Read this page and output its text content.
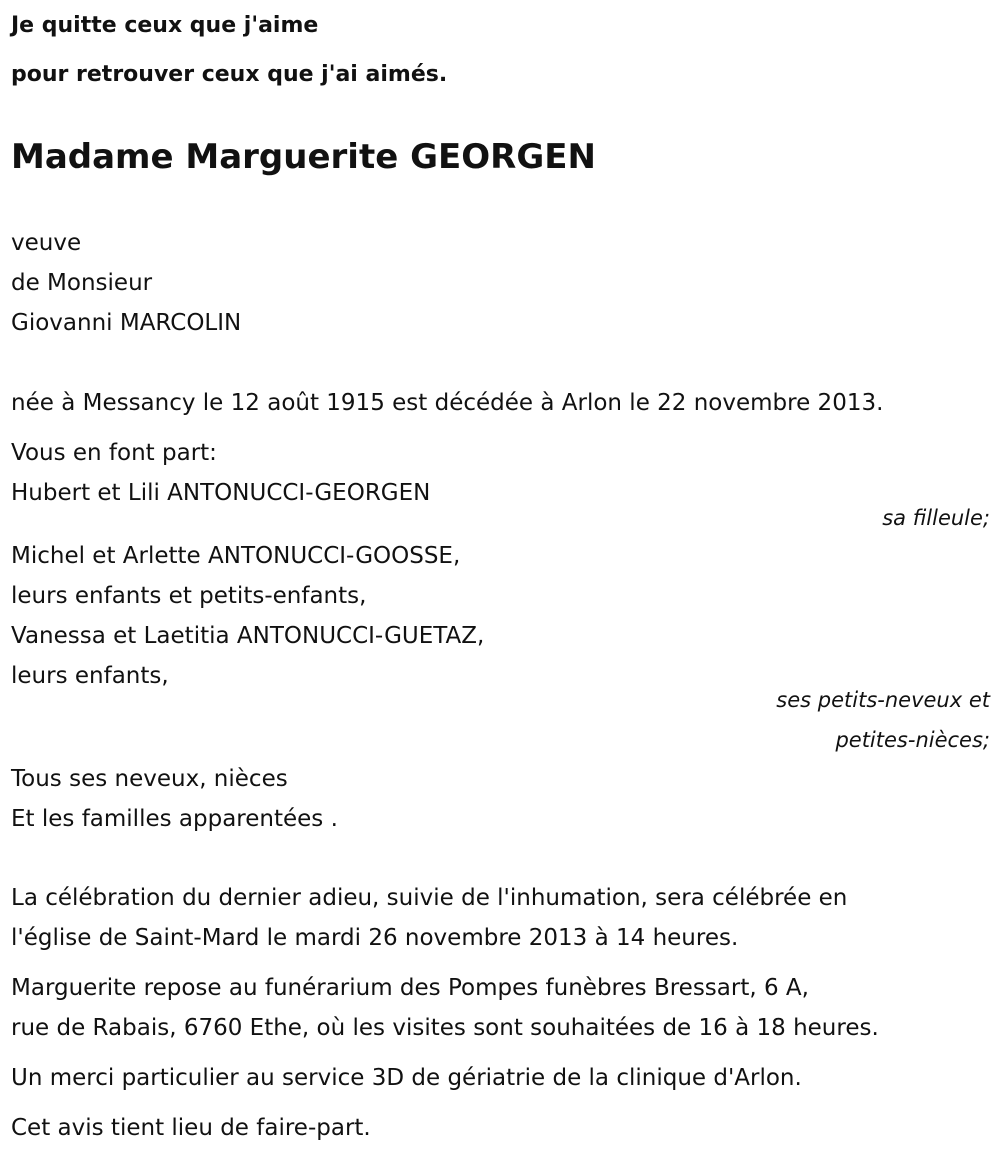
Je quitte ceux que j'aime
pour retrouver ceux que j'ai aimés.
Madame Marguerite GEORGEN
veuve
de Monsieur
Giovanni MARCOLIN
née à Messancy le 12 août 1915 est décédée à Arlon le 22 novembre 2013.
Vous en font part:
Hubert et Lili ANTONUCCI-GEORGEN
sa filleule;
Michel et Arlette ANTONUCCI-GOOSSE,
leurs enfants et petits-enfants,
Vanessa et Laetitia ANTONUCCI-GUETAZ,
leurs enfants,
ses petits-neveux et
petites-nièces;
Tous ses neveux, nièces
Et les familles apparentées .
La célébration du dernier adieu, suivie de l'inhumation, sera célébrée en
l'église de Saint-Mard le mardi 26 novembre 2013 à 14 heures.
Marguerite repose au funérarium des Pompes funèbres Bressart, 6 A,
rue de Rabais, 6760 Ethe, où les visites sont souhaitées de 16 à 18 heures.
Un merci particulier au service 3D de gériatrie de la clinique d'Arlon.
Cet avis tient lieu de faire-part.
